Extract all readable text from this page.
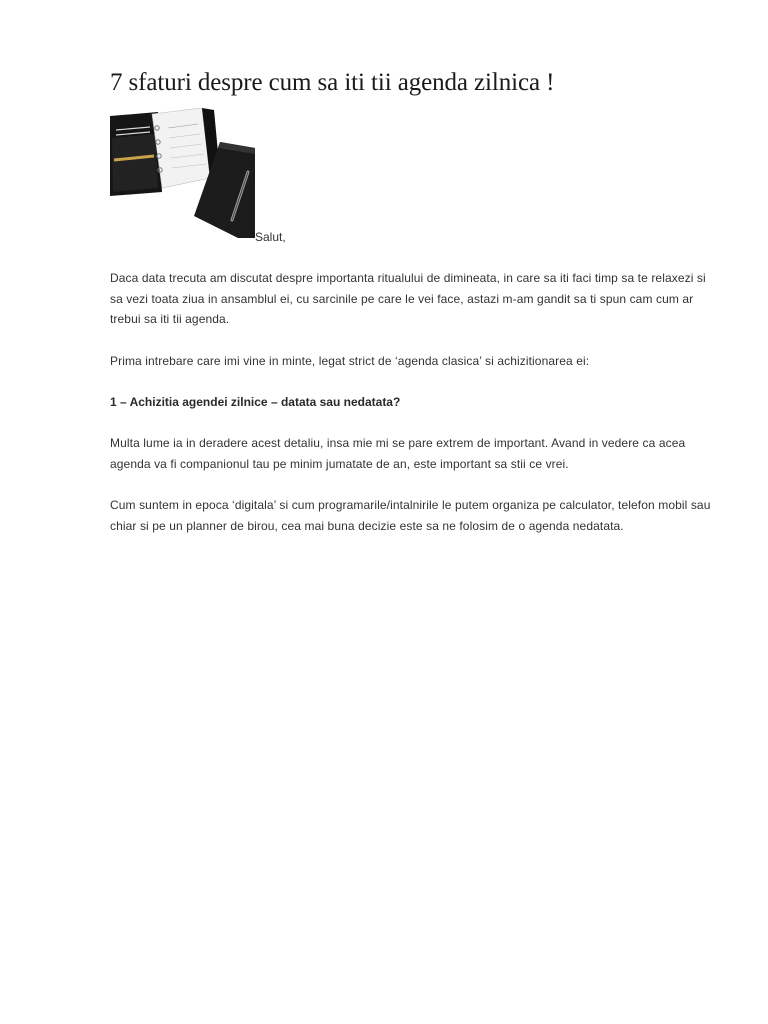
7 sfaturi despre cum sa iti tii agenda zilnica !
Salut,

Daca data trecuta am discutat despre importanta ritualului de dimineata, in care sa iti faci timp sa te relaxezi si sa vezi toata ziua in ansamblul ei, cu sarcinile pe care le vei face, astazi m-am gandit sa ti spun cam cum ar trebui sa iti tii agenda.

Prima intrebare care imi vine in minte, legat strict de ‘agenda clasica’ si achizitionarea ei:

1 – Achizitia agendei zilnice – datata sau nedatata?

Multa lume ia in deradere acest detaliu, insa mie mi se pare extrem de important. Avand in vedere ca acea agenda va fi companionul tau pe minim jumatate de an, este important sa stii ce vrei.

Cum suntem in epoca ‘digitala’ si cum programarile/intalnirile le putem organiza pe calculator, telefon mobil sau chiar si pe un planner de birou, cea mai buna decizie este sa ne folosim de o agenda nedatata.
